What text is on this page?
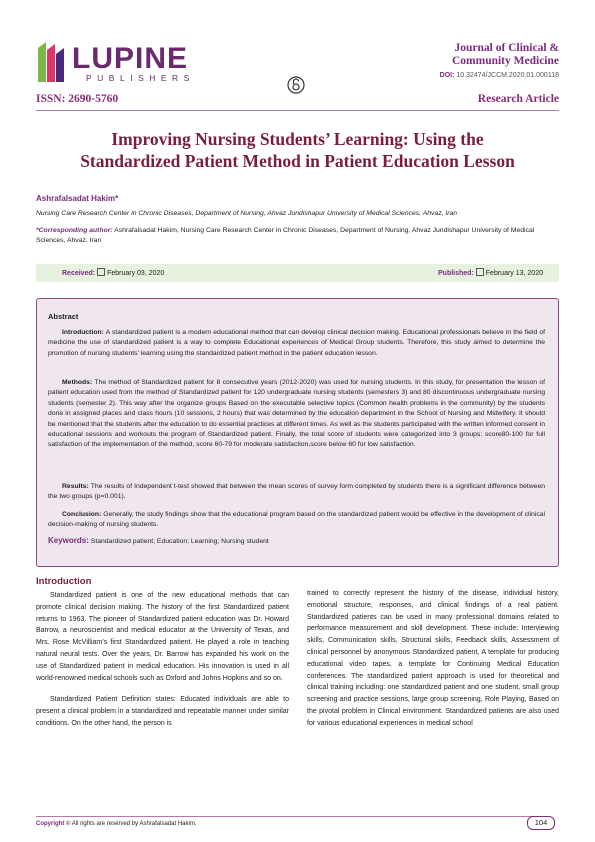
LUPINE
PUBLISHERS
Journal of Clinical &
Community Medicine
DOI: 10.32474/JCCM.2020.01.000118
ISSN: 2690-5760	Research Article
Improving Nursing Students’ Learning: Using the
Standardized Patient Method in Patient Education Lesson
Ashrafalsadat Hakim*
Nursing Care Research Center in Chronic Diseases, Department of Nursing, Ahvaz Jundishapur University of Medical Sciences, Ahvaz, Iran
*Corresponding author: Ashrafalsadat Hakim, Nursing Care Research Center in Chronic Diseases, Department of Nursing, Ahvaz Jundishapur University of Medical Sciences, Ahvaz, Iran
Received: February 03, 2020	Published: February 13, 2020
Abstract
Introduction: A standardized patient is a modern educational method that can develop clinical decision making. Educational professionals believe in the field of medicine the use of standardized patient is a way to complete Educational experiences of Medical Group students. Therefore, this study aimed to determine the promotion of nursing students’ learning using the standardized patient method in the patient education lesson.
Methods: The method of Standardized patient for 8 consecutive years (2012-2020) was used for nursing students. In this study, for presentation the lesson of patient education used from the method of Standardized patient for 120 undergraduate nursing students (semesters 3) and 80 discontinuous undergraduate nursing students (semester 2). This way after the organize groups Based on the executable selective topics (Common health problems in the community) by the students done in assigned places and class hours (10 sessions, 2 hours) that was determined by the education department in the School of Nursing and Midwifery. It should be mentioned that the students after the education to do essential practices at different times. As well as the students participated with the written informed consent in educational sessions and workouts the program of Standardized patient. Finally, the total score of students were categorized into 3 groups: score80-100 for full satisfaction of the implementation of the method, score 60-79 for moderate satisfaction,score below 60 for low satisfaction.
Results: The results of Independent t-test showed that between the mean scores of survey form completed by students there is a significant difference between the two groups (p=0.001).
Conclusion: Generally, the study findings show that the educational program based on the standardized patient would be effective in the development of clinical decision-making of nursing students.
Keywords: Standardized patient; Education; Learning; Nursing student
Introduction

Standardized patient is one of the new educational methods that can promote clinical decision making. The history of the first Standardized patient returns to 1963. The pioneer of Standardized patient education was Dr. Howard Barrow, a neuroscientist and medical educator at the University of Texas, and Mrs. Rose McVilliam’s first Standardized patient. He played a role in teaching natural neural tests. Over the years, Dr. Barrow has expanded his work on the use of Standardized patient in medical education. His innovation is used in all world-renowned medical schools such as Oxford and Johns Hopkins and so on.

Standardized Patient Definition states: Educated individuals are able to present a clinical problem in a standardized and repeatable manner under similar conditions. On the other hand, the person is

trained to correctly represent the history of the disease, individual history, emotional structure, responses, and clinical findings of a real patient. Standardized patients can be used in many professional domains related to performance measurement and skill development. These include: Interviewing skills, Communication skills, Structural skills, Feedback skills, Assessment of clinical personnel by anonymous Standardized patient, A template for producing educational video tapes, a template for Continuing Medical Education conferences. The standardized patient approach is used for theoretical and clinical training including: one standardized patient and one student, small group screening and practice sessions, large group screening, Role Playing, Based on the pivotal problem in Clinical environment. Standardized patients are also used for various educational experiences in medical school

Copyright © All rights are reserved by Ashrafalsadat Hakim.	104
